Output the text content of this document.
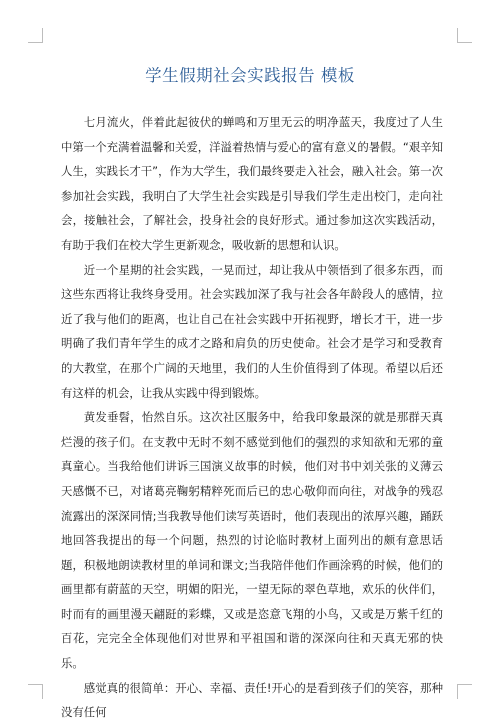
学生假期社会实践报告 模板

七月流火，伴着此起彼伏的蝉鸣和万里无云的明净蓝天，我度过了人生中第一个充满着温馨和关爱，洋溢着热情与爱心的富有意义的暑假。“艰辛知人生，实践长才干”，作为大学生，我们最终要走入社会，融入社会。第一次参加社会实践，我明白了大学生社会实践是引导我们学生走出校门，走向社会，接触社会，了解社会，投身社会的良好形式。通过参加这次实践活动，有助于我们在校大学生更新观念，吸收新的思想和认识。

近一个星期的社会实践，一晃而过，却让我从中领悟到了很多东西，而这些东西将让我终身受用。社会实践加深了我与社会各年龄段人的感情，拉近了我与他们的距离，也让自己在社会实践中开拓视野，增长才干，进一步明确了我们青年学生的成才之路和肩负的历史使命。社会才是学习和受教育的大教堂，在那个广阔的天地里，我们的人生价值得到了体现。希望以后还有这样的机会，让我从实践中得到锻炼。

黄发垂髫，怡然自乐。这次社区服务中，给我印象最深的就是那群天真烂漫的孩子们。在支教中无时不刻不感觉到他们的强烈的求知欲和无邪的童真童心。当我给他们讲诉三国演义故事的时候，他们对书中刘关张的义薄云天感慨不已，对诸葛亮鞠躬精粹死而后已的忠心敬仰而向往，对战争的残忍流露出的深深同情;当我教导他们读写英语时，他们表现出的浓厚兴趣，踊跃地回答我提出的每一个问题，热烈的讨论临时教材上面列出的颇有意思话题，积极地朗读教材里的单词和课文;当我陪伴他们作画涂鸦的时候，他们的画里都有蔚蓝的天空，明媚的阳光，一望无际的翠色草地，欢乐的伙伴们，时而有的画里漫天翩跹的彩蝶，又或是恣意飞翔的小鸟，又或是万紫千红的百花，完完全全体现他们对世界和平祖国和谐的深深向往和天真无邪的快乐。

感觉真的很简单：开心、幸福、责任!开心的是看到孩子们的笑容，那种没有任何
